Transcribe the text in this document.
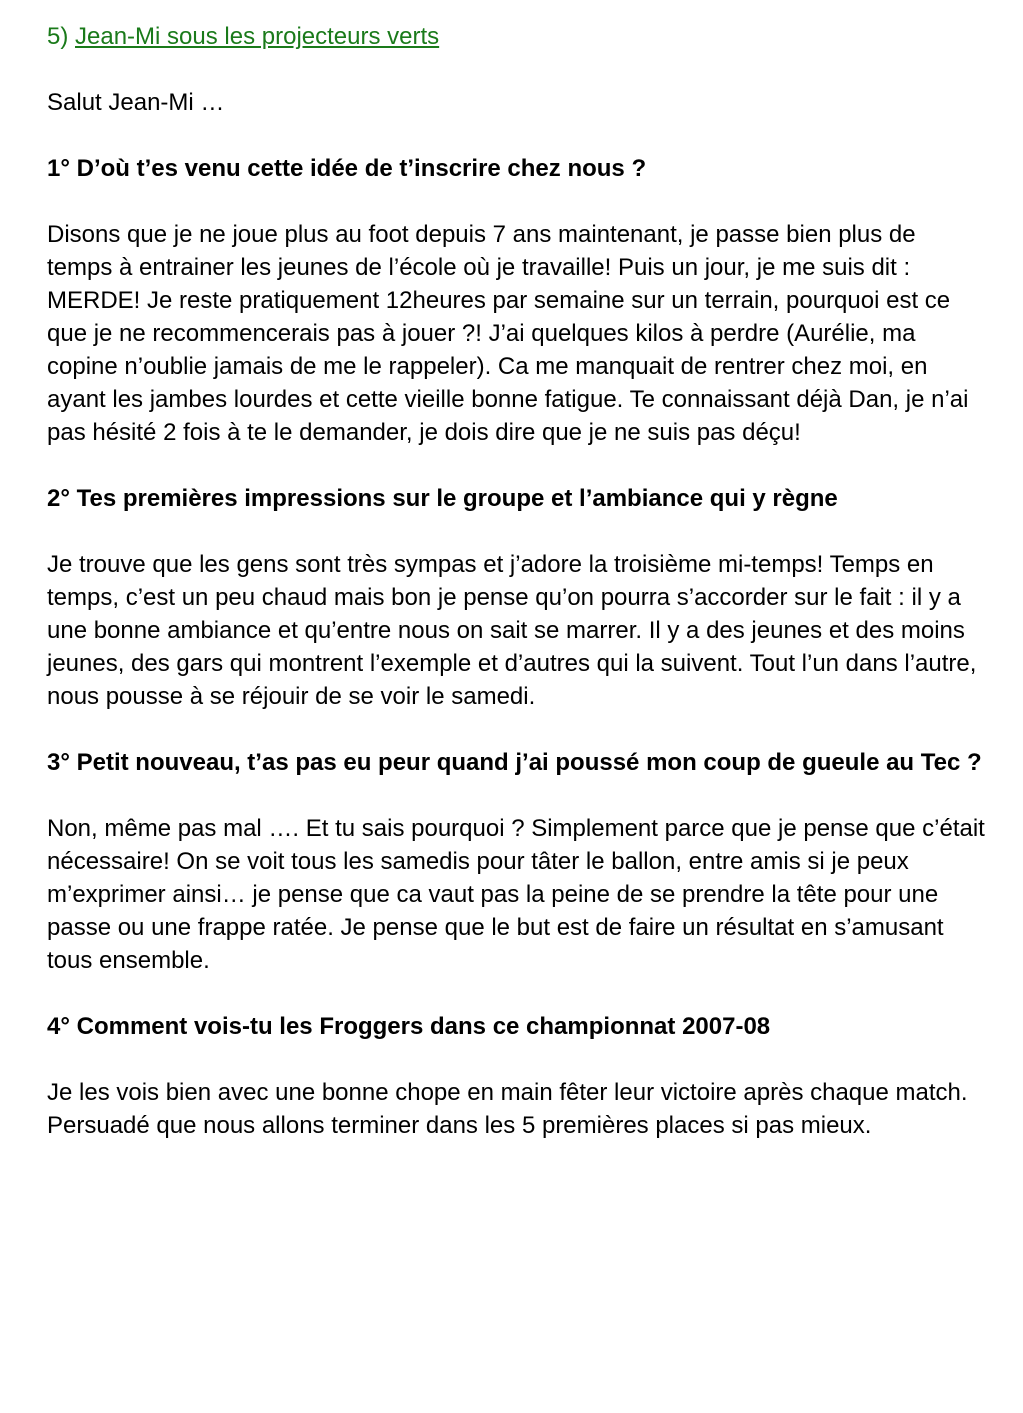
5) Jean-Mi sous les projecteurs verts

Salut Jean-Mi …

1° D’où t’es venu cette idée de t’inscrire chez nous ?

Disons que je ne joue plus au foot depuis 7 ans maintenant, je passe bien plus de temps à entrainer les jeunes de l’école où je travaille! Puis un jour, je me suis dit : MERDE! Je reste pratiquement 12heures par semaine sur un terrain, pourquoi est ce que je ne recommencerais pas à jouer ?! J’ai quelques kilos à perdre (Aurélie, ma copine n’oublie jamais de me le rappeler). Ca me manquait de rentrer chez moi, en ayant les jambes lourdes et cette vieille bonne fatigue. Te connaissant déjà Dan, je n’ai pas hésité 2 fois à te le demander, je dois dire que je ne suis pas déçu!

2° Tes premières impressions sur le groupe et l’ambiance qui y règne

Je trouve que les gens sont très sympas et j’adore la troisième mi-temps! Temps en temps, c’est un peu chaud mais bon je pense qu’on pourra s’accorder sur le fait : il y a une bonne ambiance et qu’entre nous on sait se marrer. Il y a des jeunes et des moins jeunes, des gars qui montrent l’exemple et d’autres qui la suivent. Tout l’un dans l’autre, nous pousse à se réjouir de se voir le samedi.

3° Petit nouveau, t’as pas eu peur quand j’ai poussé mon coup de gueule au Tec ?

Non, même pas mal …. Et tu sais pourquoi ? Simplement parce que je pense que c’était nécessaire! On se voit tous les samedis pour tâter le ballon, entre amis si je peux m’exprimer ainsi… je pense que ca vaut pas la peine de se prendre la tête pour une passe ou une frappe ratée. Je pense que le but est de faire un résultat en s’amusant tous ensemble.

4° Comment vois-tu les Froggers dans ce championnat 2007-08

Je les vois bien avec une bonne chope en main fêter leur victoire après chaque match. Persuadé que nous allons terminer dans les 5 premières places si pas mieux.
